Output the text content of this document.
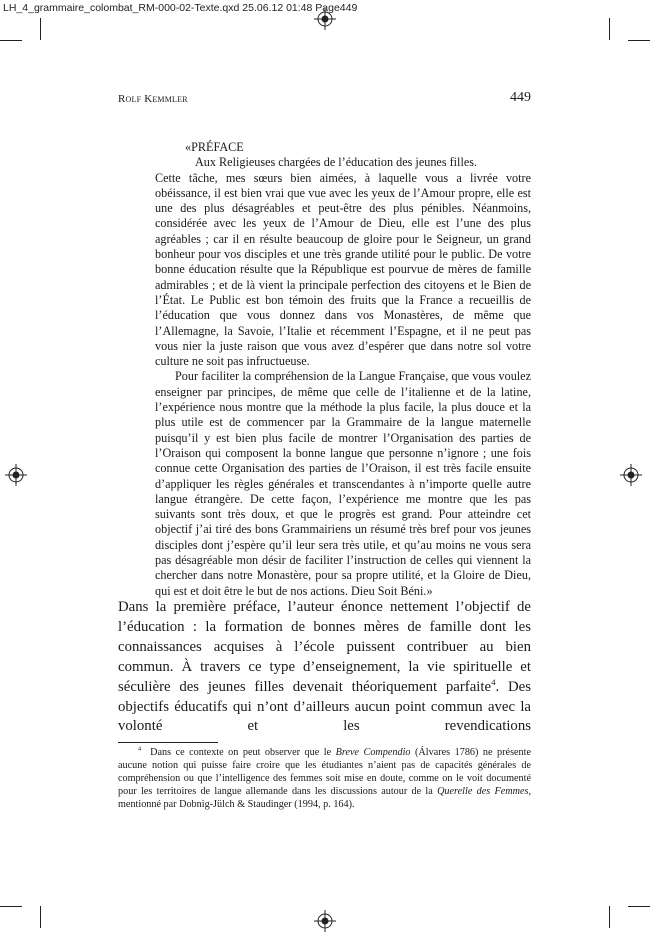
LH_4_grammaire_colombat_RM-000-02-Texte.qxd 25.06.12 01:48 Page449
Rolf Kemmler	449

«PRÉFACE

Aux Religieuses chargées de l’éducation des jeunes filles.

Cette tâche, mes sœurs bien aimées, à laquelle vous a livrée votre obéissance, il est bien vrai que vue avec les yeux de l’Amour propre, elle est une des plus désagréables et peut-être des plus pénibles. Néanmoins, considérée avec les yeux de l’Amour de Dieu, elle est l’une des plus agréables ; car il en résulte beaucoup de gloire pour le Seigneur, un grand bonheur pour vos disciples et une très grande utilité pour le public. De votre bonne éducation résulte que la République est pourvue de mères de famille admirables ; et de là vient la principale perfection des citoyens et le Bien de l’État. Le Public est bon témoin des fruits que la France a recueillis de l’éducation que vous donnez dans vos Monastères, de même que l’Allemagne, la Savoie, l’Italie et récemment l’Espagne, et il ne peut pas vous nier la juste raison que vous avez d’espérer que dans notre sol votre culture ne soit pas infructueuse.

Pour faciliter la compréhension de la Langue Française, que vous voulez enseigner par principes, de même que celle de l’italienne et de la latine, l’expérience nous montre que la méthode la plus facile, la plus douce et la plus utile est de commencer par la Grammaire de la langue maternelle puisqu’il y est bien plus facile de montrer l’Organisation des parties de l’Oraison qui composent la bonne langue que personne n’ignore ; une fois connue cette Organisation des parties de l’Oraison, il est très facile ensuite d’appliquer les règles générales et transcendantes à n’importe quelle autre langue étrangère. De cette façon, l’expérience me montre que les pas suivants sont très doux, et que le progrès est grand. Pour atteindre cet objectif j’ai tiré des bons Grammairiens un résumé très bref pour vos jeunes disciples dont j’espère qu’il leur sera très utile, et qu’au moins ne vous sera pas désagréable mon désir de faciliter l’instruction de celles qui viennent la chercher dans notre Monastère, pour sa propre utilité, et la Gloire de Dieu, qui est et doit être le but de nos actions. Dieu Soit Béni.»

Dans la première préface, l’auteur énonce nettement l’objectif de l’éducation : la formation de bonnes mères de famille dont les connaissances acquises à l’école puissent contribuer au bien commun. À travers ce type d’enseignement, la vie spirituelle et séculière des jeunes filles devenait théoriquement parfaite$^4$. Des objectifs éducatifs qui n’ont d’ailleurs aucun point commun avec la volonté et les revendications

$^4$ Dans ce contexte on peut observer que le Breve Compendio (Álvares 1786) ne présente aucune notion qui puisse faire croire que les étudiantes n’aient pas de capacités générales de compréhension ou que l’intelligence des femmes soit mise en doute, comme on le voit documenté pour les territoires de langue allemande dans les discussions autour de la Querelle des Femmes, mentionné par Dobnig-Jülch & Staudinger (1994, p. 164).
